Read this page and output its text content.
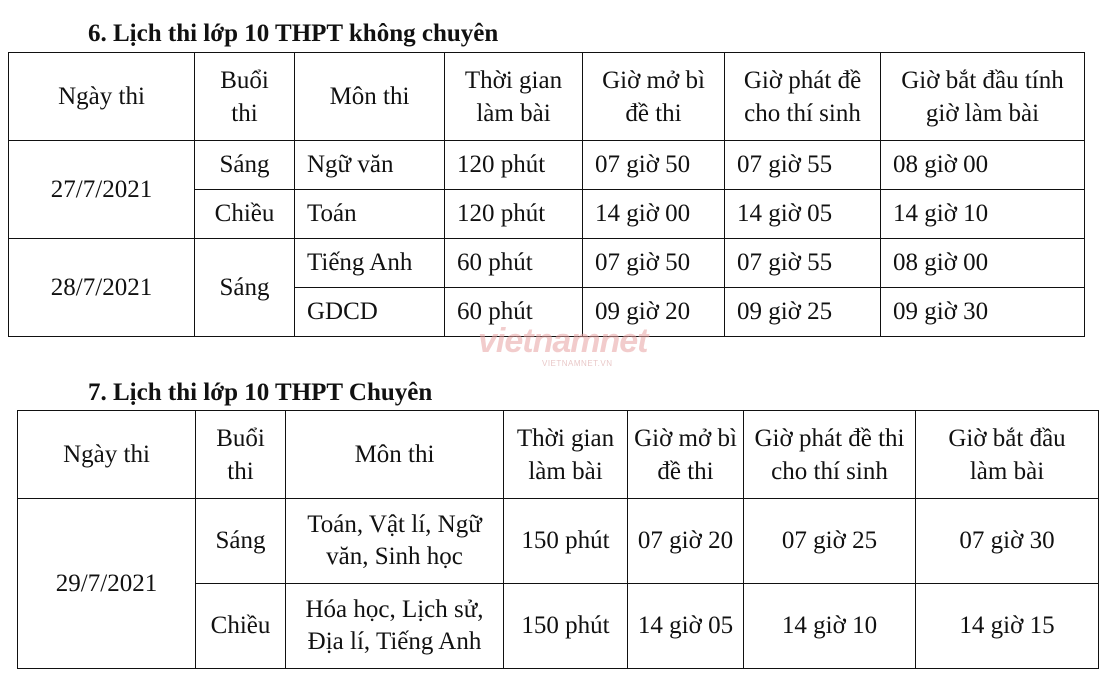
6. Lịch thi lớp 10 THPT không chuyên
Ngày thi	Buổi thi	Môn thi	Thời gian làm bài	Giờ mở bì đề thi	Giờ phát đề cho thí sinh	Giờ bắt đầu tính giờ làm bài
27/7/2021	Sáng	Ngữ văn	120 phút	07 giờ 50	07 giờ 55	08 giờ 00
	Chiều	Toán	120 phút	14 giờ 00	14 giờ 05	14 giờ 10
28/7/2021	Sáng	Tiếng Anh	60 phút	07 giờ 50	07 giờ 55	08 giờ 00
		GDCD	60 phút	09 giờ 20	09 giờ 25	09 giờ 30
vietnamnet
VIETNAMNET.VN
7. Lịch thi lớp 10 THPT Chuyên
Ngày thi	Buổi thi	Môn thi	Thời gian làm bài	Giờ mở bì đề thi	Giờ phát đề thi cho thí sinh	Giờ bắt đầu làm bài
29/7/2021	Sáng	Toán, Vật lí, Ngữ văn, Sinh học	150 phút	07 giờ 20	07 giờ 25	07 giờ 30
	Chiều	Hóa học, Lịch sử, Địa lí, Tiếng Anh	150 phút	14 giờ 05	14 giờ 10	14 giờ 15
